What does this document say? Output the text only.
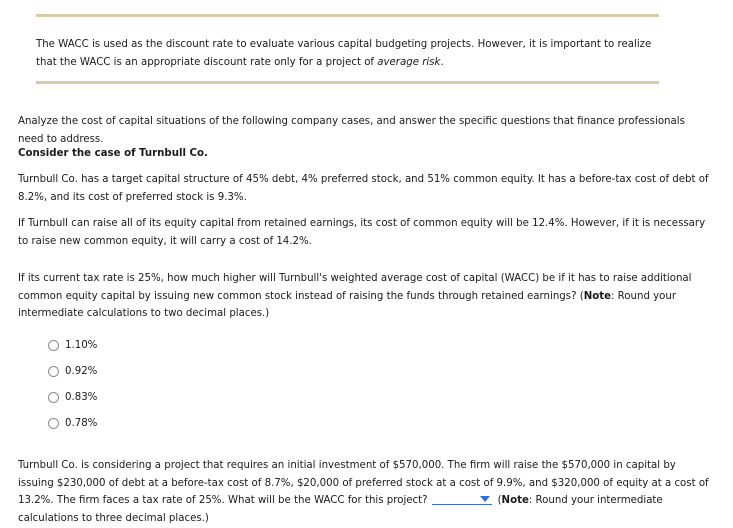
The WACC is used as the discount rate to evaluate various capital budgeting projects. However, it is important to realize that the WACC is an appropriate discount rate only for a project of average risk.
Analyze the cost of capital situations of the following company cases, and answer the specific questions that finance professionals need to address.
Consider the case of Turnbull Co.
Turnbull Co. has a target capital structure of 45% debt, 4% preferred stock, and 51% common equity. It has a before-tax cost of debt of 8.2%, and its cost of preferred stock is 9.3%.
If Turnbull can raise all of its equity capital from retained earnings, its cost of common equity will be 12.4%. However, if it is necessary to raise new common equity, it will carry a cost of 14.2%.
If its current tax rate is 25%, how much higher will Turnbull's weighted average cost of capital (WACC) be if it has to raise additional common equity capital by issuing new common stock instead of raising the funds through retained earnings? (Note: Round your intermediate calculations to two decimal places.)
1.10%
0.92%
0.83%
0.78%
Turnbull Co. is considering a project that requires an initial investment of $570,000. The firm will raise the $570,000 in capital by issuing $230,000 of debt at a before-tax cost of 8.7%, $20,000 of preferred stock at a cost of 9.9%, and $320,000 of equity at a cost of 13.2%. The firm faces a tax rate of 25%. What will be the WACC for this project?	(Note: Round your intermediate calculations to three decimal places.)
